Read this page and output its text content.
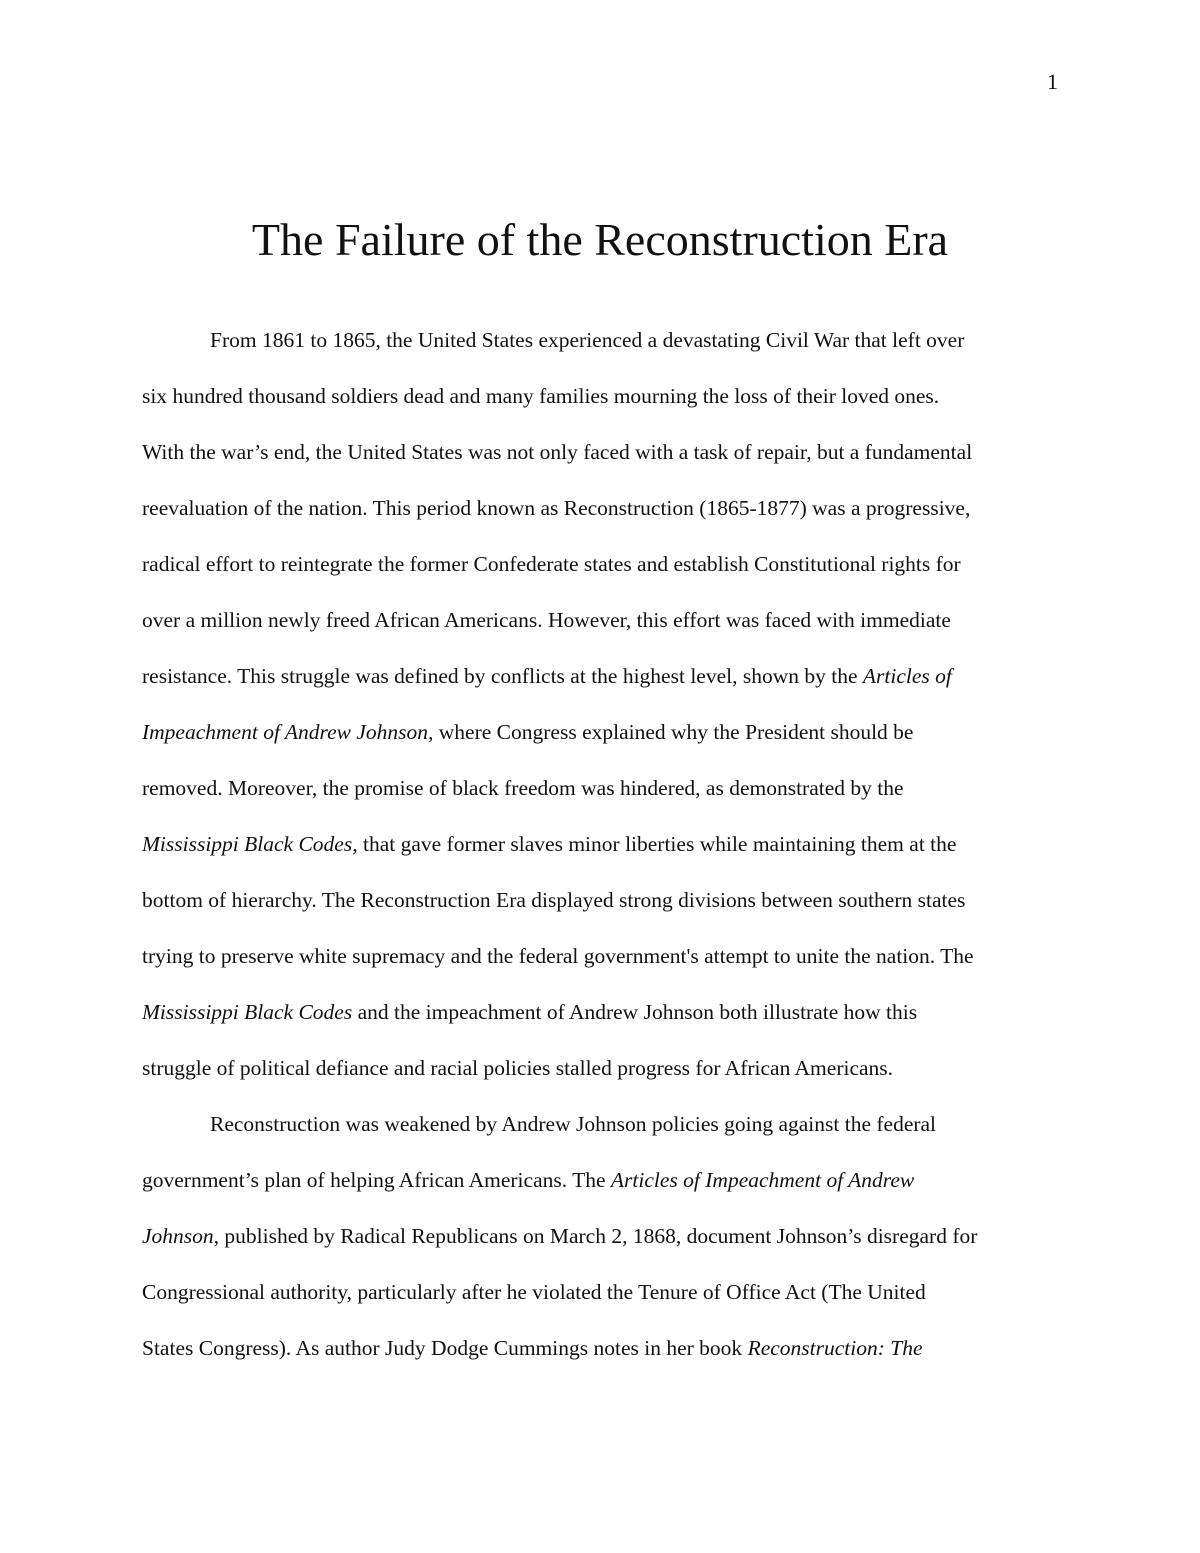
1
The Failure of the Reconstruction Era
From 1861 to 1865, the United States experienced a devastating Civil War that left over
six hundred thousand soldiers dead and many families mourning the loss of their loved ones.
With the war’s end, the United States was not only faced with a task of repair, but a fundamental
reevaluation of the nation. This period known as Reconstruction (1865-1877) was a progressive,
radical effort to reintegrate the former Confederate states and establish Constitutional rights for
over a million newly freed African Americans. However, this effort was faced with immediate
resistance. This struggle was defined by conflicts at the highest level, shown by the Articles of
Impeachment of Andrew Johnson, where Congress explained why the President should be
removed. Moreover, the promise of black freedom was hindered, as demonstrated by the
Mississippi Black Codes, that gave former slaves minor liberties while maintaining them at the
bottom of hierarchy. The Reconstruction Era displayed strong divisions between southern states
trying to preserve white supremacy and the federal government's attempt to unite the nation. The
Mississippi Black Codes and the impeachment of Andrew Johnson both illustrate how this
struggle of political defiance and racial policies stalled progress for African Americans.
Reconstruction was weakened by Andrew Johnson policies going against the federal
government’s plan of helping African Americans. The Articles of Impeachment of Andrew
Johnson, published by Radical Republicans on March 2, 1868, document Johnson’s disregard for
Congressional authority, particularly after he violated the Tenure of Office Act (The United
States Congress). As author Judy Dodge Cummings notes in her book Reconstruction: The
